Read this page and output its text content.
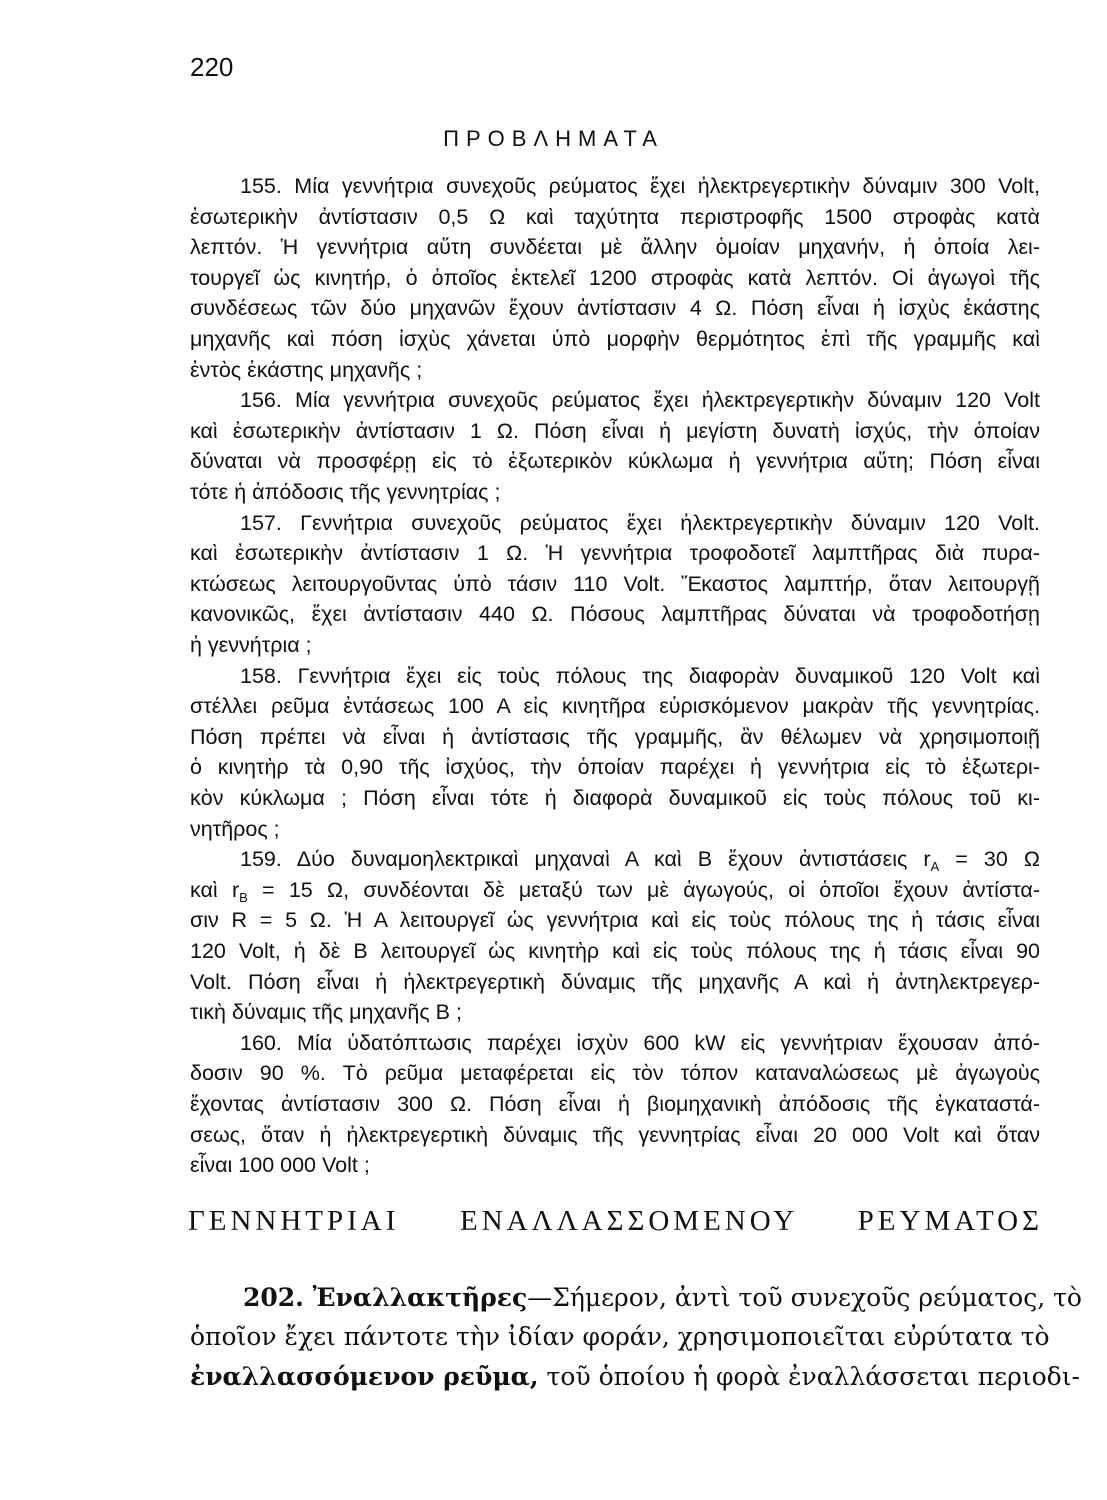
220
ΠΡΟΒΛΗΜΑΤΑ
155. Μία γεννήτρια συνεχοῦς ρεύματος ἔχει ἠλεκτρεγερτικὴν δύναμιν 300 Volt,
ἐσωτερικὴν ἀντίστασιν 0,5 Ω καὶ ταχύτητα περιστροφῆς 1500 στροφὰς κατὰ
λεπτόν. Ἡ γεννήτρια αὕτη συνδέεται μὲ ἄλλην ὁμοίαν μηχανήν, ἡ ὁποία λει-
τουργεῖ ὡς κινητήρ, ὁ ὁποῖος ἐκτελεῖ 1200 στροφὰς κατὰ λεπτόν. Οἱ ἀγωγοὶ τῆς
συνδέσεως τῶν δύο μηχανῶν ἔχουν ἀντίστασιν 4 Ω. Πόση εἶναι ἡ ἰσχὺς ἑκάστης
μηχανῆς καὶ πόση ἰσχὺς χάνεται ὑπὸ μορφὴν θερμότητος ἐπὶ τῆς γραμμῆς καὶ
ἐντὸς ἑκάστης μηχανῆς ;
156. Μία γεννήτρια συνεχοῦς ρεύματος ἔχει ἠλεκτρεγερτικὴν δύναμιν 120 Volt
καὶ ἐσωτερικὴν ἀντίστασιν 1 Ω. Πόση εἶναι ἡ μεγίστη δυνατὴ ἰσχύς, τὴν ὁποίαν
δύναται νὰ προσφέρῃ εἰς τὸ ἐξωτερικὸν κύκλωμα ἡ γεννήτρια αὕτη; Πόση εἶναι
τότε ἡ ἀπόδοσις τῆς γεννητρίας ;
157. Γεννήτρια συνεχοῦς ρεύματος ἔχει ἠλεκτρεγερτικὴν δύναμιν 120 Volt.
καὶ ἐσωτερικὴν ἀντίστασιν 1 Ω. Ἡ γεννήτρια τροφοδοτεῖ λαμπτῆρας διὰ πυρα-
κτώσεως λειτουργοῦντας ὑπὸ τάσιν 110 Volt. Ἕκαστος λαμπτήρ, ὅταν λειτουργῇ
κανονικῶς, ἔχει ἀντίστασιν 440 Ω. Πόσους λαμπτῆρας δύναται νὰ τροφοδοτήσῃ
ἡ γεννήτρια ;
158. Γεννήτρια ἔχει εἰς τοὺς πόλους της διαφορὰν δυναμικοῦ 120 Volt καὶ
στέλλει ρεῦμα ἐντάσεως 100 Α εἰς κινητῆρα εὑρισκόμενον μακρὰν τῆς γεννητρίας.
Πόση πρέπει νὰ εἶναι ἡ ἀντίστασις τῆς γραμμῆς, ἂν θέλωμεν νὰ χρησιμοποιῇ
ὁ κινητὴρ τὰ 0,90 τῆς ἰσχύος, τὴν ὁποίαν παρέχει ἡ γεννήτρια εἰς τὸ ἐξωτερι-
κὸν κύκλωμα ; Πόση εἶναι τότε ἡ διαφορὰ δυναμικοῦ εἰς τοὺς πόλους τοῦ κι-
νητῆρος ;
159. Δύο δυναμοηλεκτρικαὶ μηχαναὶ Α καὶ Β ἔχουν ἀντιστάσεις $r_A = 30$ Ω
καὶ $r_B = 15$ Ω, συνδέονται δὲ μεταξύ των μὲ ἀγωγούς, οἱ ὁποῖοι ἔχουν ἀντίστα-
σιν R = 5 Ω. Ἡ Α λειτουργεῖ ὡς γεννήτρια καὶ εἰς τοὺς πόλους της ἡ τάσις εἶναι
120 Volt, ἡ δὲ Β λειτουργεῖ ὡς κινητὴρ καὶ εἰς τοὺς πόλους της ἡ τάσις εἶναι 90
Volt. Πόση εἶναι ἡ ἠλεκτρεγερτικὴ δύναμις τῆς μηχανῆς Α καὶ ἡ ἀντηλεκτρεγερ-
τικὴ δύναμις τῆς μηχανῆς Β ;
160. Μία ὑδατόπτωσις παρέχει ἰσχὺν 600 kW εἰς γεννήτριαν ἔχουσαν ἀπό-
δοσιν 90 %. Τὸ ρεῦμα μεταφέρεται εἰς τὸν τόπον καταναλώσεως μὲ ἀγωγοὺς
ἔχοντας ἀντίστασιν 300 Ω. Πόση εἶναι ἡ βιομηχανικὴ ἀπόδοσις τῆς ἐγκαταστά-
σεως, ὅταν ἡ ἠλεκτρεγερτικὴ δύναμις τῆς γεννητρίας εἶναι 20 000 Volt καὶ ὅταν
εἶναι 100 000 Volt ;
ΓΕΝΝΗΤΡΙΑΙ ΕΝΑΛΛΑΣΣΟΜΕΝΟΥ ΡΕΥΜΑΤΟΣ
202. Ἐναλλακτῆρες—Σήμερον, ἀντὶ τοῦ συνεχοῦς ρεύματος, τὸ
ὁποῖον ἔχει πάντοτε τὴν ἰδίαν φοράν, χρησιμοποιεῖται εὐρύτατα τὸ
ἐναλλασσόμενον ρεῦμα, τοῦ ὁποίου ἡ φορὰ ἐναλλάσσεται περιοδι-
